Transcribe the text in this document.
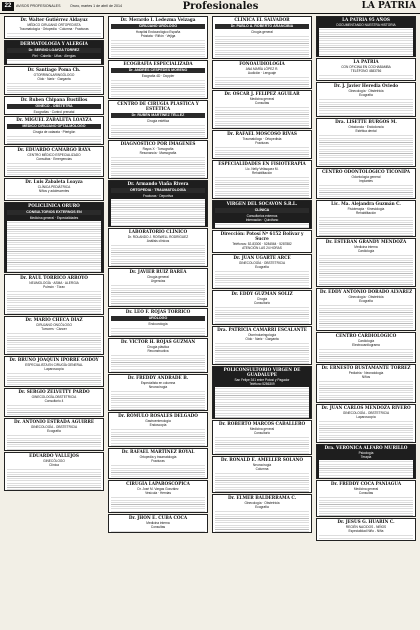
22	AVISOS PROFESIONALES	Oruro, martes 1 de abril de 2014	Profesionales	LA PATRIA
Dr. Walter Gutiérrez Aldayuz
MÉDICO CIRUJANO ORTOPEDISTA
Traumatología · Ortopedia · Columna · Fracturas
DERMATOLOGÍA Y ALERGIA
Dr. SERGIO LOAYZA TORREZ
Piel · Cabello · Uñas · Alergias
Dr. Santiago Poma Ch.
OTORRINOLARINGÓLOGO
Oído · Nariz · Garganta
Dr. Ruben Chipana Bustillos
GINECO - OBSTETRA
Ecografías · Control prenatal
Dr. MIGUEL ZABALETA LOAYZA
MEDICO CIRUJANO OFTALMÓLOGO
Cirugía de catarata · Pterigión
Dr. EDUARDO CAMARGO RAYA
CENTRO MÉDICO ESPECIALIZADO
Consultas · Emergencias
Dr. Luis Zabaleta Loayza
CLÍNICA PEDIÁTRICA
Niños y adolescentes
POLICLÍNICA ORURO
CONSULTORIOS EXTERNOS EN
Medicina general · Especialidades
Dr. RAUL TORRICO ARROYO
NEUMOLOGÍA · ASMA · ALERGIA
Pulmón · Tórax
Dr. MARIO CHECA DÍAZ
CIRUJANO ONCÓLOGO
Tumores · Cáncer
Dr. BRUNO JOAQUIN IPORRE GODOY
ESPECIALISTA EN CIRUGÍA GENERAL
Laparoscopía
Dr. SERGIO ZELVETTY PARDO
GINECOLOGÍA-OBSTETRICIA
Consultorio 4
Dr. ANTONIO ESTRADA AGUIRRE
GINECOLOGÍA - OBSTETRICIA
Ecografía
EDUARDO VALLEJOS
GINECÓLOGO
Clínica
Dr. Merardo I. Ledezma Veizaga
CIRUJANO URÓLOGO
Hospital Endourológico España
Próstata · Riñón · Vejiga
ECOGRAFÍA ESPECIALIZADA
Dr. ANDRÉS CESPEDES MORENO
Ecografía 4D · Doppler
CENTRO DE CIRUGÍA PLÁSTICA Y ESTÉTICA
Dr. RUBÉN MARTÍNEZ TÉLLEZ
Cirugía estética
DIAGNÓSTICO POR IMÁGENES
Rayos X · Tomografía
Resonancia · Mamografía
Dr. Armando Viaña Rivera
ORTOPEDIA · TRAUMATOLOGÍA
Fracturas · Deportiva
LABORATORIO CLÍNICO
Dr. ROLANDO J. ROSWELL RODRÍGUEZ
Análisis clínicos
Dr. JAVIER RUIZ BAREA
Cirugía general
Urgencias
Dr. LEO F. ROJAS TORRICO
URÓLOGO
Endourología
Dr. VICTOR H. ROJAS GUZMÁN
Cirugía plástica
Reconstructiva
Dr. FREDDY ANDRADE B.
Especialista en columna
Neurocirugía
Dr. RÓMULO ROSALES DELGADO
Gastroenterología
Endoscopía
Dr. RAFAEL MARTÍNEZ ROYAL
Ortopedia y traumatología
Fracturas
CIRUGÍA LAPAROSCÓPICA
Dr. José M. Vargas González
Vesícula · Hernias
Dr. JHON E. CUBA COCA
Medicina interna
Consultas
CLÍNICA EL SALVADOR
Dr. PABLO A. ROBERTO ARANCIBIA
Cirugía general
FONOAUDIOLOGÍA
ANA MARÍA LÓPEZ R.
Audición · Lenguaje
Dr. OSCAR J. FELIPEZ AGUILAR
Medicina general
Consultas
Dr. RAFAEL MOSCOSO RIVAS
Traumatólogo · Ortopedista
Fracturas
ESPECIALIDADES EN FISIOTERAPIA
Lic. Nelly Velásquez M.
Rehabilitación
VIRGEN DEL SOCAVÓN S.R.L.
CLÍNICA
Consultorios externos
Internación · Quirófano
Dirección: Potosí Nº 6152 Bolívar y Sucre
Teléfonos: 52-83300 · 5284564 · 5287882
ATENCIÓN LAS 24 HORAS
Dr. JUAN UGARTE ARCE
GINECOLOGÍA · OBSTETRICIA
Ecografía
Dr. EDDY GUZMÁN SOLIZ
Cirugía
Consultorio
Dra. PATRICIA CAMARRI ESCALANTE
Otorrinolaringología
Oído · Nariz · Garganta
POLICONSULTORIO VIRGEN DE GUADALUPE
San Felipe 341 entre Potosí y Pagador
Teléfono 5286309
Dr. ROBERTO MARCOS CABALLERO
Medicina general
Consultorio
Dr. RONALD E. AMELLER SOLANO
Neurocirugía
Columna
Dr. ELMER BALDERRAMA C.
Ginecología · Obstetricia
Ecografía
LA PATRIA 95 AÑOS
DOCUMENTANDO NUESTRA HISTORIA
LA PATRIA
CON OFICINA EN COCHABAMBA
TELÉFONO 4583756
Dr. J. Javier Heredia Oviedo
Ginecología · Obstetricia
Ecografía
Dra. LISETTE BURGOS M.
Ortodoncia · Endodoncia
Estética dental
CENTRO ODONTOLÓGICO TICONIPA
Odontología general
Implantes
Lic. Ma. Alejandra Guzmán C.
Fisioterapia · Kinesiología
Rehabilitación
Dr. ESTEBAN GRANDY MENDOZA
Medicina interna
Cardiología
Dr. EDDY ANTONIO DORADO ALVAREZ
Ginecología · Obstetricia
Ecografía
CENTRO CARDIOLÓGICO
Cardiología
Electrocardiograma
Dr. ERNESTO BUSTAMANTE TORREZ
Pediatría · Neonatología
Niños
Dr. JUAN CARLOS MENDOZA RIVERO
GINECOLOGÍA - OBSTETRICIA
Laparoscopía
Dra. VERÓNICA ALFARO MURILLO
Psicología
Terapia
Dr. FREDDY COCA PANIAGUA
Medicina general
Consultas
Dr. JESÚS G. HUARIN C.
RECIÉN NACIDOS - NIÑOS
Especialidad Niño - Niña
